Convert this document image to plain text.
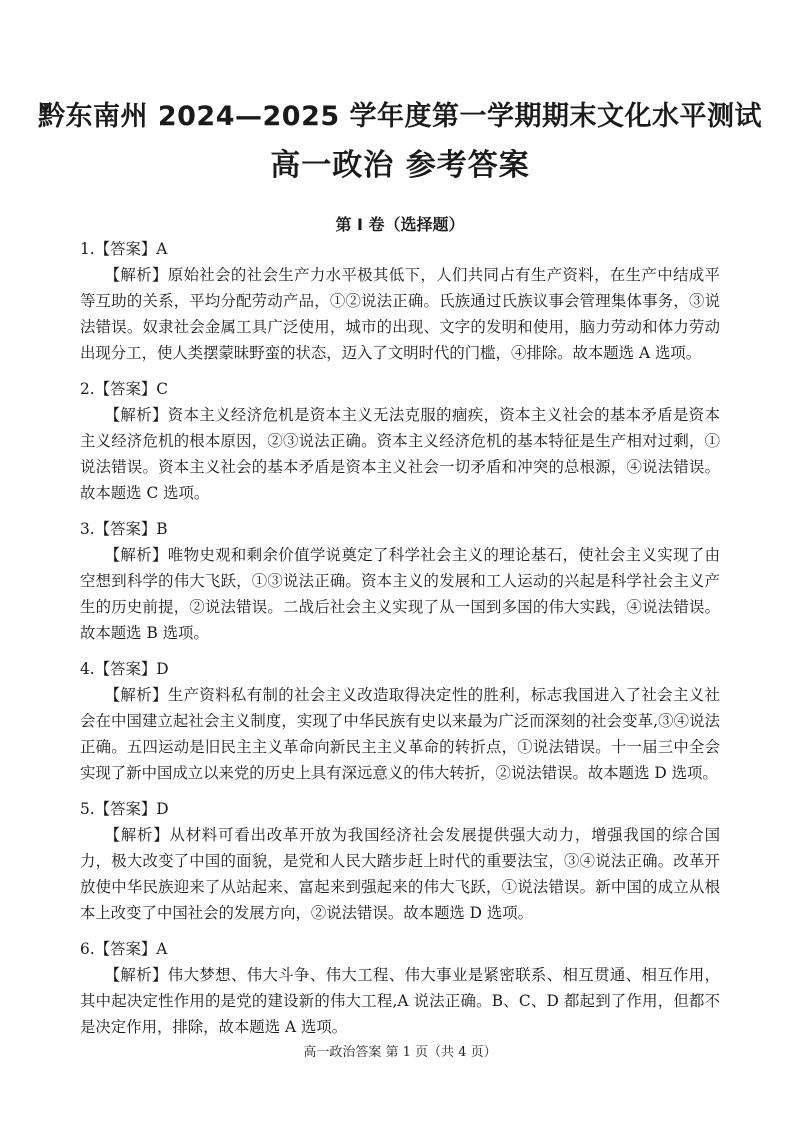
黔东南州 2024—2025 学年度第一学期期末文化水平测试
高一政治 参考答案
第 I 卷（选择题）

1.【答案】A

【解析】原始社会的社会生产力水平极其低下，人们共同占有生产资料，在生产中结成平等互助的关系，平均分配劳动产品，①②说法正确。氏族通过氏族议事会管理集体事务，③说法错误。奴隶社会金属工具广泛使用，城市的出现、文字的发明和使用，脑力劳动和体力劳动出现分工，使人类摆蒙昧野蛮的状态，迈入了文明时代的门槛，④排除。故本题选 A 选项。

2.【答案】C

【解析】资本主义经济危机是资本主义无法克服的痼疾，资本主义社会的基本矛盾是资本主义经济危机的根本原因，②③说法正确。资本主义经济危机的基本特征是生产相对过剩，①说法错误。资本主义社会的基本矛盾是资本主义社会一切矛盾和冲突的总根源，④说法错误。故本题选 C 选项。

3.【答案】B

【解析】唯物史观和剩余价值学说奠定了科学社会主义的理论基石，使社会主义实现了由空想到科学的伟大飞跃，①③说法正确。资本主义的发展和工人运动的兴起是科学社会主义产生的历史前提，②说法错误。二战后社会主义实现了从一国到多国的伟大实践，④说法错误。故本题选 B 选项。

4.【答案】D

【解析】生产资料私有制的社会主义改造取得决定性的胜利，标志我国进入了社会主义社会在中国建立起社会主义制度，实现了中华民族有史以来最为广泛而深刻的社会变革,③④说法正确。五四运动是旧民主主义革命向新民主主义革命的转折点，①说法错误。十一届三中全会实现了新中国成立以来党的历史上具有深远意义的伟大转折，②说法错误。故本题选 D 选项。

5.【答案】D

【解析】从材料可看出改革开放为我国经济社会发展提供强大动力，增强我国的综合国力，极大改变了中国的面貌，是党和人民大踏步赶上时代的重要法宝，③④说法正确。改革开放使中华民族迎来了从站起来、富起来到强起来的伟大飞跃，①说法错误。新中国的成立从根本上改变了中国社会的发展方向，②说法错误。故本题选 D 选项。

6.【答案】A

【解析】伟大梦想、伟大斗争、伟大工程、伟大事业是紧密联系、相互贯通、相互作用，其中起决定性作用的是党的建设新的伟大工程,A 说法正确。B、C、D 都起到了作用，但都不是决定作用，排除，故本题选 A 选项。

高一政治答案 第 1 页（共 4 页）
